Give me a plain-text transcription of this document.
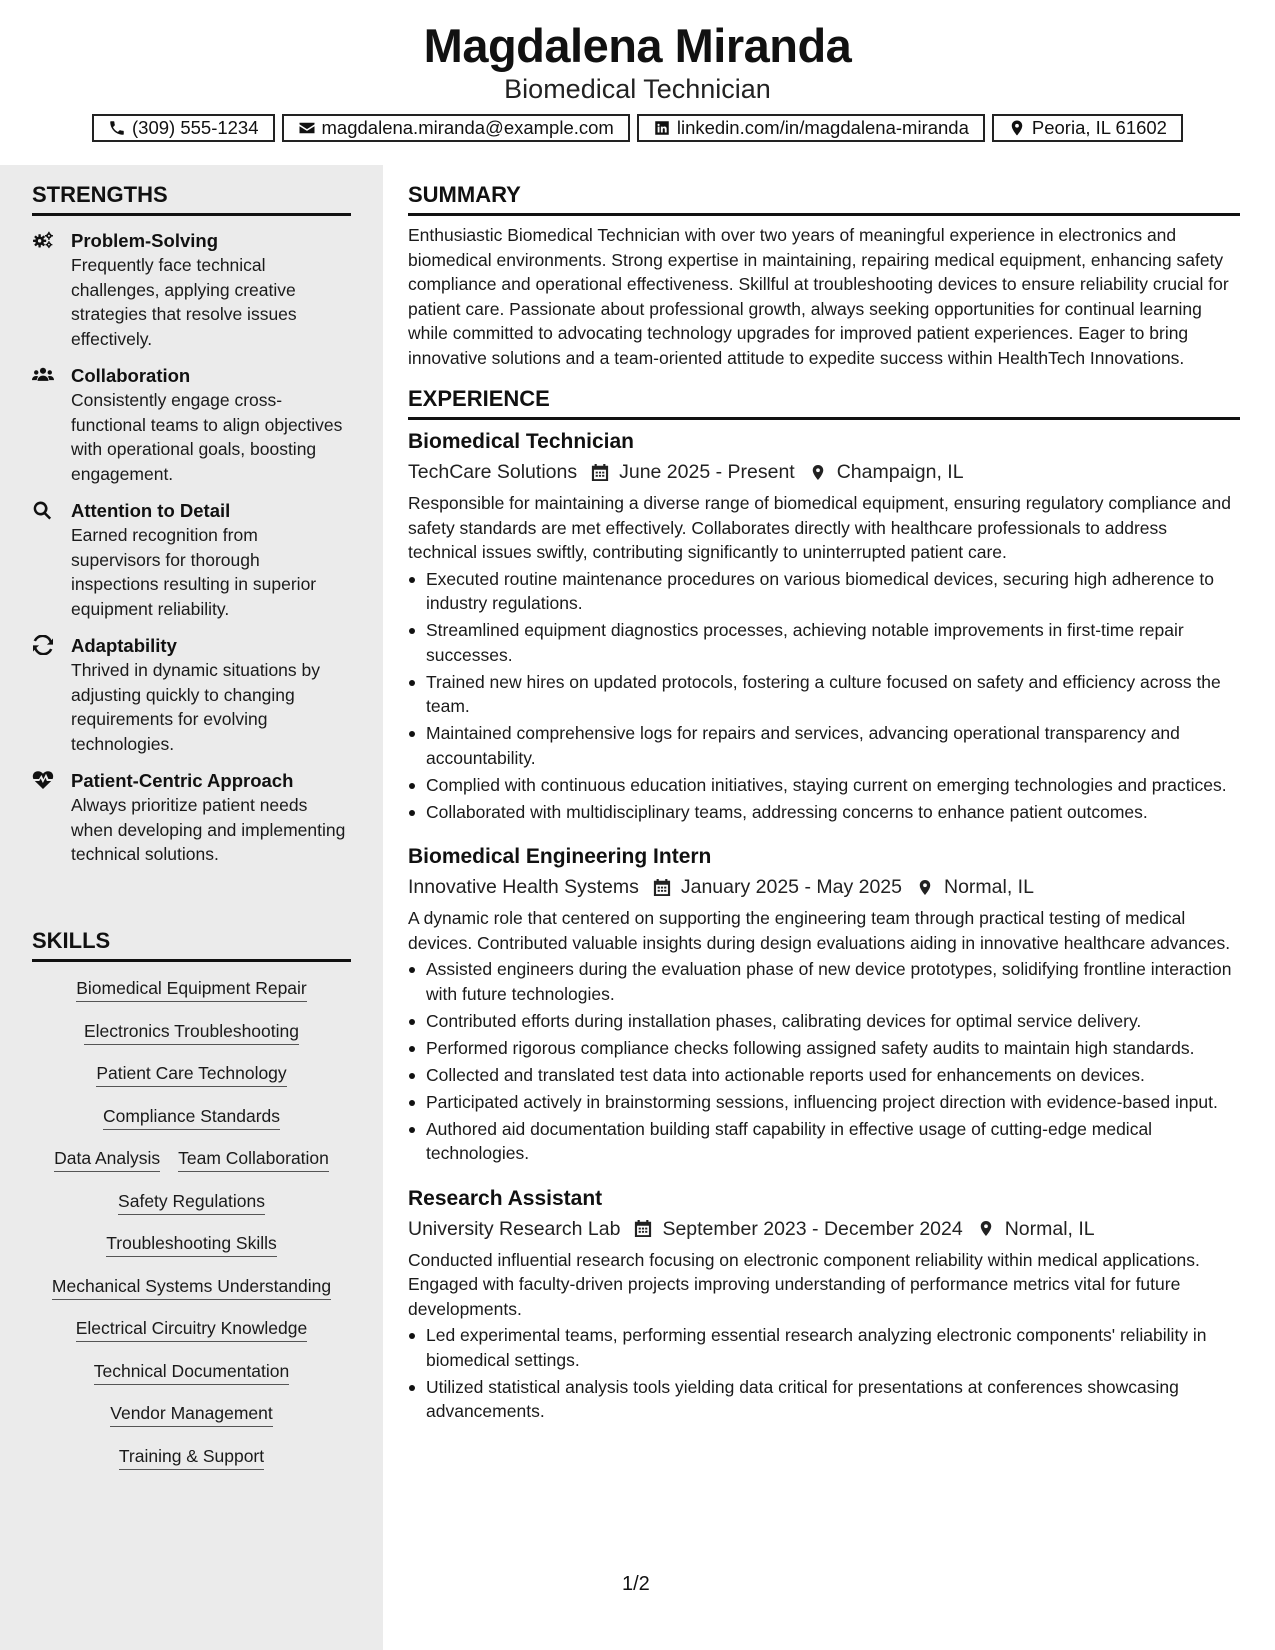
Magdalena Miranda
Biomedical Technician
(309) 555-1234	magdalena.miranda@example.com	linkedin.com/in/magdalena-miranda	Peoria, IL 61602
STRENGTHS
Problem-Solving
Frequently face technical challenges, applying creative strategies that resolve issues effectively.
Collaboration
Consistently engage cross-functional teams to align objectives with operational goals, boosting engagement.
Attention to Detail
Earned recognition from supervisors for thorough inspections resulting in superior equipment reliability.
Adaptability
Thrived in dynamic situations by adjusting quickly to changing requirements for evolving technologies.
Patient-Centric Approach
Always prioritize patient needs when developing and implementing technical solutions.
SKILLS
Biomedical Equipment Repair
Electronics Troubleshooting
Patient Care Technology
Compliance Standards
Data Analysis Team Collaboration
Safety Regulations
Troubleshooting Skills
Mechanical Systems Understanding
Electrical Circuitry Knowledge
Technical Documentation
Vendor Management
Training & Support
SUMMARY
Enthusiastic Biomedical Technician with over two years of meaningful experience in electronics and biomedical environments. Strong expertise in maintaining, repairing medical equipment, enhancing safety compliance and operational effectiveness. Skillful at troubleshooting devices to ensure reliability crucial for patient care. Passionate about professional growth, always seeking opportunities for continual learning while committed to advocating technology upgrades for improved patient experiences. Eager to bring innovative solutions and a team-oriented attitude to expedite success within HealthTech Innovations.
EXPERIENCE
Biomedical Technician
TechCare Solutions June 2025 - Present Champaign, IL
Responsible for maintaining a diverse range of biomedical equipment, ensuring regulatory compliance and safety standards are met effectively. Collaborates directly with healthcare professionals to address technical issues swiftly, contributing significantly to uninterrupted patient care.
Executed routine maintenance procedures on various biomedical devices, securing high adherence to industry regulations.
Streamlined equipment diagnostics processes, achieving notable improvements in first-time repair successes.
Trained new hires on updated protocols, fostering a culture focused on safety and efficiency across the team.
Maintained comprehensive logs for repairs and services, advancing operational transparency and accountability.
Complied with continuous education initiatives, staying current on emerging technologies and practices.
Collaborated with multidisciplinary teams, addressing concerns to enhance patient outcomes.
Biomedical Engineering Intern
Innovative Health Systems January 2025 - May 2025 Normal, IL
A dynamic role that centered on supporting the engineering team through practical testing of medical devices. Contributed valuable insights during design evaluations aiding in innovative healthcare advances.
Assisted engineers during the evaluation phase of new device prototypes, solidifying frontline interaction with future technologies.
Contributed efforts during installation phases, calibrating devices for optimal service delivery.
Performed rigorous compliance checks following assigned safety audits to maintain high standards.
Collected and translated test data into actionable reports used for enhancements on devices.
Participated actively in brainstorming sessions, influencing project direction with evidence-based input.
Authored aid documentation building staff capability in effective usage of cutting-edge medical technologies.
Research Assistant
University Research Lab September 2023 - December 2024 Normal, IL
Conducted influential research focusing on electronic component reliability within medical applications. Engaged with faculty-driven projects improving understanding of performance metrics vital for future developments.
Led experimental teams, performing essential research analyzing electronic components' reliability in biomedical settings.
Utilized statistical analysis tools yielding data critical for presentations at conferences showcasing advancements.
1/2
